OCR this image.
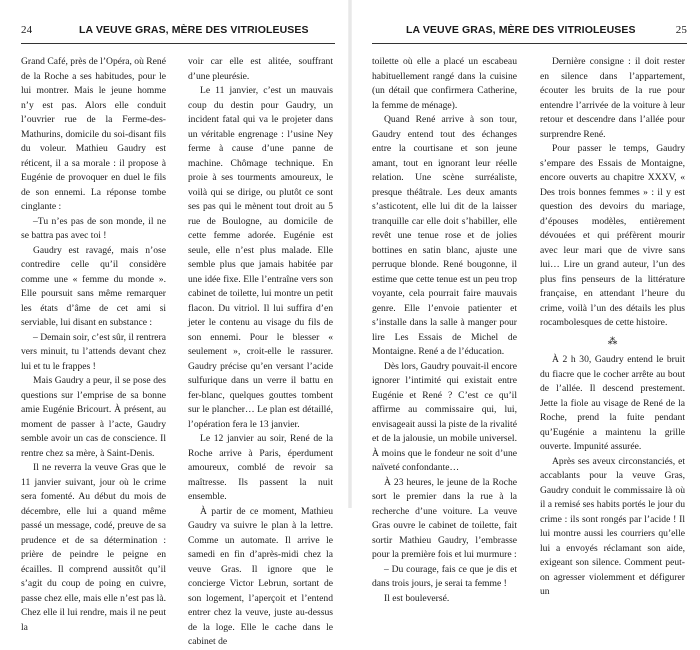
24	LA VEUVE GRAS, MÈRE DES VITRIOLEUSES

Grand Café, près de l’Opéra, où René de la Roche a ses habitudes, pour le lui montrer. Mais le jeune homme n’y est pas. Alors elle conduit l’ouvrier rue de la Ferme-des-Mathurins, domicile du soi-disant fils du voleur. Mathieu Gaudry est réticent, il a sa morale : il propose à Eugénie de provoquer en duel le fils de son ennemi. La réponse tombe cinglante :

–Tu n’es pas de son monde, il ne se battra pas avec toi !

Gaudry est ravagé, mais n’ose contredire celle qu’il considère comme une « femme du monde ». Elle poursuit sans même remarquer les états d’âme de cet ami si serviable, lui disant en substance :

– Demain soir, c’est sûr, il rentrera vers minuit, tu l’attends devant chez lui et tu le frappes !

Mais Gaudry a peur, il se pose des questions sur l’emprise de sa bonne amie Eugénie Bricourt. À présent, au moment de passer à l’acte, Gaudry semble avoir un cas de conscience. Il rentre chez sa mère, à Saint-Denis.

Il ne reverra la veuve Gras que le 11 janvier suivant, jour où le crime sera fomenté. Au début du mois de décembre, elle lui a quand même passé un message, codé, preuve de sa prudence et de sa détermination : prière de peindre le peigne en écailles. Il comprend aussitôt qu’il s’agit du coup de poing en cuivre, passe chez elle, mais elle n’est pas là. Chez elle il lui rendre, mais il ne peut la

voir car elle est alitée, souffrant d’une pleurésie.

Le 11 janvier, c’est un mauvais coup du destin pour Gaudry, un incident fatal qui va le projeter dans un véritable engrenage : l’usine Ney ferme à cause d’une panne de machine. Chômage technique. En proie à ses tourments amoureux, le voilà qui se dirige, ou plutôt ce sont ses pas qui le mènent tout droit au 5 rue de Boulogne, au domicile de cette femme adorée. Eugénie est seule, elle n’est plus malade. Elle semble plus que jamais habitée par une idée fixe. Elle l’entraîne vers son cabinet de toilette, lui montre un petit flacon. Du vitriol. Il lui suffira d’en jeter le contenu au visage du fils de son ennemi. Pour le blesser « seulement », croit-elle le rassurer. Gaudry précise qu’en versant l’acide sulfurique dans un verre il battu en fer-blanc, quelques gouttes tombent sur le plancher… Le plan est détaillé, l’opération fera le 13 janvier.

Le 12 janvier au soir, René de la Roche arrive à Paris, éperdument amoureux, comblé de revoir sa maîtresse. Ils passent la nuit ensemble.

À partir de ce moment, Mathieu Gaudry va suivre le plan à la lettre. Comme un automate. Il arrive le samedi en fin d’après-midi chez la veuve Gras. Il ignore que le concierge Victor Lebrun, sortant de son logement, l’aperçoit et l’entend entrer chez la veuve, juste au-dessus de la loge. Elle le cache dans le cabinet de

LA VEUVE GRAS, MÈRE DES VITRIOLEUSES	25

toilette où elle a placé un escabeau habituellement rangé dans la cuisine (un détail que confirmera Catherine, la femme de ménage).

Quand René arrive à son tour, Gaudry entend tout des échanges entre la courtisane et son jeune amant, tout en ignorant leur réelle relation. Une scène surréaliste, presque théâtrale. Les deux amants s’asticotent, elle lui dit de la laisser tranquille car elle doit s’habiller, elle revêt une tenue rose et de jolies bottines en satin blanc, ajuste une perruque blonde. René bougonne, il estime que cette tenue est un peu trop voyante, cela pourrait faire mauvais genre. Elle l’envoie patienter et s’installe dans la salle à manger pour lire Les Essais de Michel de Montaigne. René a de l’éducation.

Dès lors, Gaudry pouvait-il encore ignorer l’intimité qui existait entre Eugénie et René ? C’est ce qu’il affirme au commissaire qui, lui, envisageait aussi la piste de la rivalité et de la jalousie, un mobile universel. À moins que le fondeur ne soit d’une naïveté confondante…

À 23 heures, le jeune de la Roche sort le premier dans la rue à la recherche d’une voiture. La veuve Gras ouvre le cabinet de toilette, fait sortir Mathieu Gaudry, l’embrasse pour la première fois et lui murmure :

– Du courage, fais ce que je dis et dans trois jours, je serai ta femme !

Il est bouleversé.

Dernière consigne : il doit rester en silence dans l’appartement, écouter les bruits de la rue pour entendre l’arrivée de la voiture à leur retour et descendre dans l’allée pour surprendre René.

Pour passer le temps, Gaudry s’empare des Essais de Montaigne, encore ouverts au chapitre XXXV, « Des trois bonnes femmes » : il y est question des devoirs du mariage, d’épouses modèles, entièrement dévouées et qui préfèrent mourir avec leur mari que de vivre sans lui… Lire un grand auteur, l’un des plus fins penseurs de la littérature française, en attendant l’heure du crime, voilà l’un des détails les plus rocambolesques de cette histoire.

⁂

À 2 h 30, Gaudry entend le bruit du fiacre que le cocher arrête au bout de l’allée. Il descend prestement. Jette la fiole au visage de René de la Roche, prend la fuite pendant qu’Eugénie a maintenu la grille ouverte. Impunité assurée.

Après ses aveux circonstanciés, et accablants pour la veuve Gras, Gaudry conduit le commissaire là où il a remisé ses habits portés le jour du crime : ils sont rongés par l’acide ! Il lui montre aussi les courriers qu’elle lui a envoyés réclamant son aide, exigeant son silence. Comment peut-on agresser violemment et défigurer un
